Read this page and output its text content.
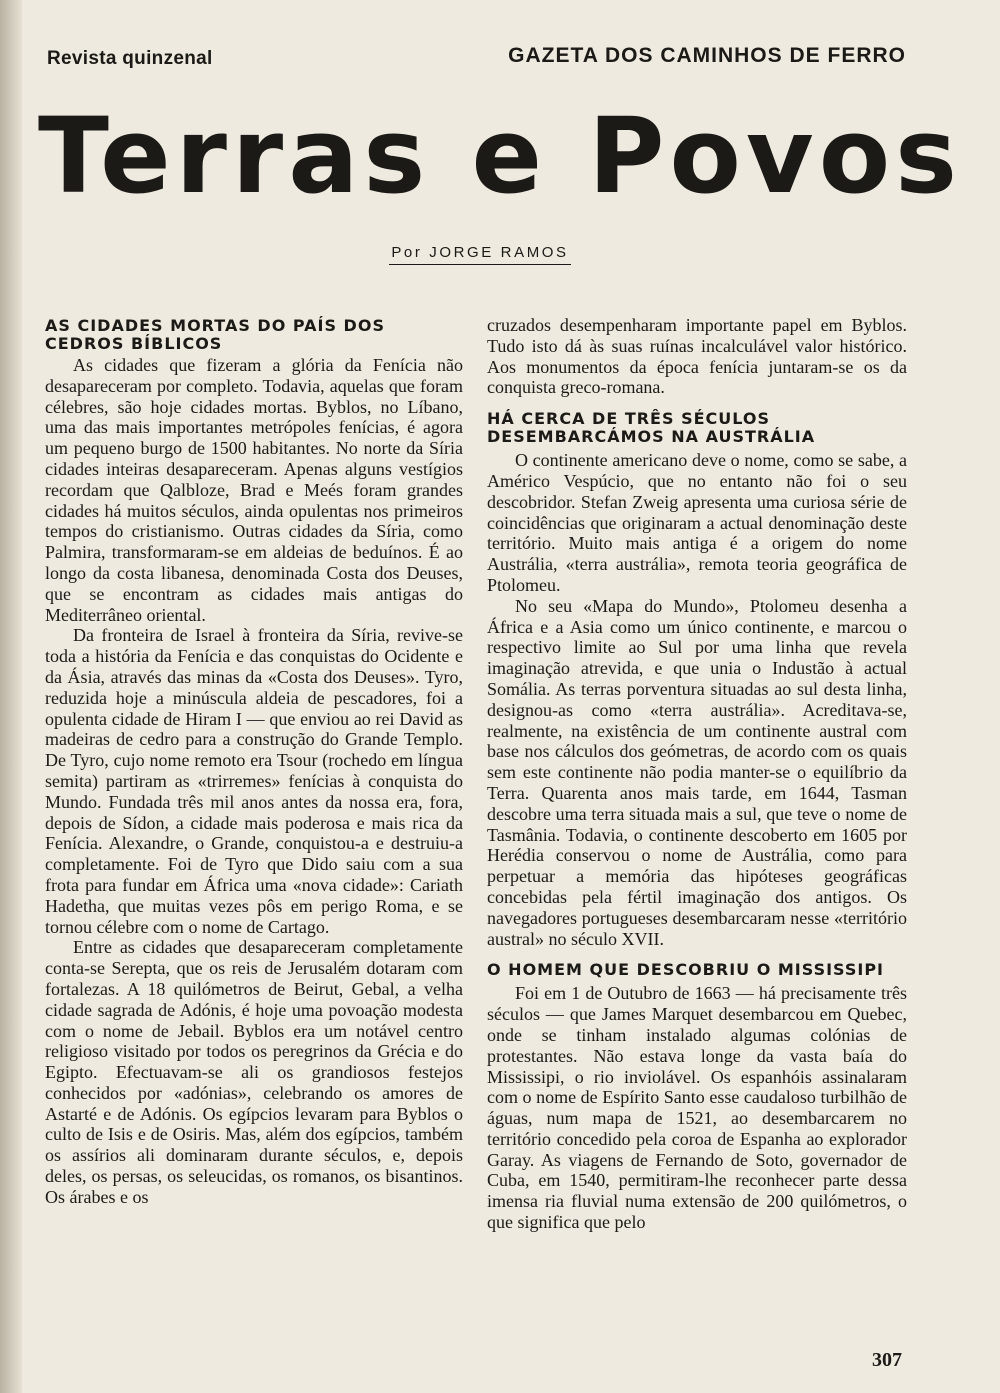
Revista quinzenal	GAZETA DOS CAMINHOS DE FERRO
Terras e Povos
Por JORGE RAMOS
AS CIDADES MORTAS DO PAÍS DOS CEDROS BÍBLICOS

As cidades que fizeram a glória da Fenícia não desapareceram por completo. Todavia, aquelas que foram célebres, são hoje cidades mortas. Byblos, no Líbano, uma das mais importantes metrópoles fenícias, é agora um pequeno burgo de 1500 habitantes. No norte da Síria cidades inteiras desapareceram. Apenas alguns vestígios recordam que Qalbloze, Brad e Meés foram grandes cidades há muitos séculos, ainda opulentas nos primeiros tempos do cristianismo. Outras cidades da Síria, como Palmira, transformaram-se em aldeias de beduínos. É ao longo da costa libanesa, denominada Costa dos Deuses, que se encontram as cidades mais antigas do Mediterrâneo oriental.

Da fronteira de Israel à fronteira da Síria, revive-se toda a história da Fenícia e das conquistas do Ocidente e da Ásia, através das minas da «Costa dos Deuses». Tyro, reduzida hoje a minúscula aldeia de pescadores, foi a opulenta cidade de Hiram I — que enviou ao rei David as madeiras de cedro para a construção do Grande Templo. De Tyro, cujo nome remoto era Tsour (rochedo em língua semita) partiram as «trirremes» fenícias à conquista do Mundo. Fundada três mil anos antes da nossa era, fora, depois de Sídon, a cidade mais poderosa e mais rica da Fenícia. Alexandre, o Grande, conquistou-a e destruiu-a completamente. Foi de Tyro que Dido saiu com a sua frota para fundar em África uma «nova cidade»: Cariath Hadetha, que muitas vezes pôs em perigo Roma, e se tornou célebre com o nome de Cartago.

Entre as cidades que desapareceram completamente conta-se Serepta, que os reis de Jerusalém dotaram com fortalezas. A 18 quilómetros de Beirut, Gebal, a velha cidade sagrada de Adónis, é hoje uma povoação modesta com o nome de Jebail. Byblos era um notável centro religioso visitado por todos os peregrinos da Grécia e do Egipto. Efectuavam-se ali os grandiosos festejos conhecidos por «adónias», celebrando os amores de Astarté e de Adónis. Os egípcios levaram para Byblos o culto de Isis e de Osiris. Mas, além dos egípcios, também os assírios ali dominaram durante séculos, e, depois deles, os persas, os seleucidas, os romanos, os bisantinos. Os árabes e os

cruzados desempenharam importante papel em Byblos. Tudo isto dá às suas ruínas incalculável valor histórico. Aos monumentos da época fenícia juntaram-se os da conquista greco-romana.

HÁ CERCA DE TRÊS SÉCULOS DESEMBARCÁMOS NA AUSTRÁLIA

O continente americano deve o nome, como se sabe, a Américo Vespúcio, que no entanto não foi o seu descobridor. Stefan Zweig apresenta uma curiosa série de coincidências que originaram a actual denominação deste território. Muito mais antiga é a origem do nome Austrália, «terra austrália», remota teoria geográfica de Ptolomeu.

No seu «Mapa do Mundo», Ptolomeu desenha a África e a Asia como um único continente, e marcou o respectivo limite ao Sul por uma linha que revela imaginação atrevida, e que unia o Industão à actual Somália. As terras porventura situadas ao sul desta linha, designou-as como «terra austrália». Acreditava-se, realmente, na existência de um continente austral com base nos cálculos dos geómetras, de acordo com os quais sem este continente não podia manter-se o equilíbrio da Terra. Quarenta anos mais tarde, em 1644, Tasman descobre uma terra situada mais a sul, que teve o nome de Tasmânia. Todavia, o continente descoberto em 1605 por Herédia conservou o nome de Austrália, como para perpetuar a memória das hipóteses geográficas concebidas pela fértil imaginação dos antigos. Os navegadores portugueses desembarcaram nesse «território austral» no século XVII.

O HOMEM QUE DESCOBRIU O MISSISSIPI

Foi em 1 de Outubro de 1663 — há precisamente três séculos — que James Marquet desembarcou em Quebec, onde se tinham instalado algumas colónias de protestantes. Não estava longe da vasta baía do Mississipi, o rio inviolável. Os espanhóis assinalaram com o nome de Espírito Santo esse caudaloso turbilhão de águas, num mapa de 1521, ao desembarcarem no território concedido pela coroa de Espanha ao explorador Garay. As viagens de Fernando de Soto, governador de Cuba, em 1540, permitiram-lhe reconhecer parte dessa imensa ria fluvial numa extensão de 200 quilómetros, o que significa que pelo

307
